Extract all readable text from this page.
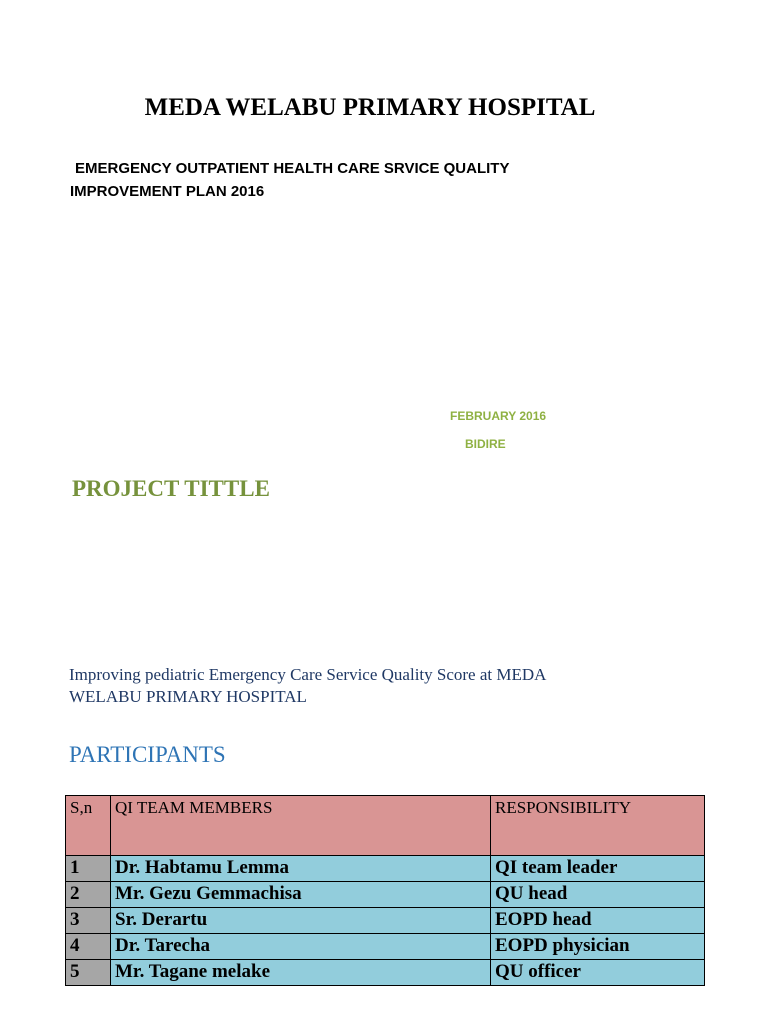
MEDA WELABU PRIMARY HOSPITAL
EMERGENCY OUTPATIENT HEALTH CARE SRVICE QUALITY
IMPROVEMENT PLAN 2016
FEBRUARY 2016
BIDIRE
PROJECT TITTLE
Improving pediatric Emergency Care Service Quality Score at MEDA
WELABU PRIMARY HOSPITAL
PARTICIPANTS
S,n	QI TEAM MEMBERS	RESPONSIBILITY
1	Dr. Habtamu Lemma	QI team leader
2	Mr. Gezu Gemmachisa	QU head
3	Sr. Derartu	EOPD head
4	Dr. Tarecha	EOPD physician
5	Mr. Tagane melake	QU officer
